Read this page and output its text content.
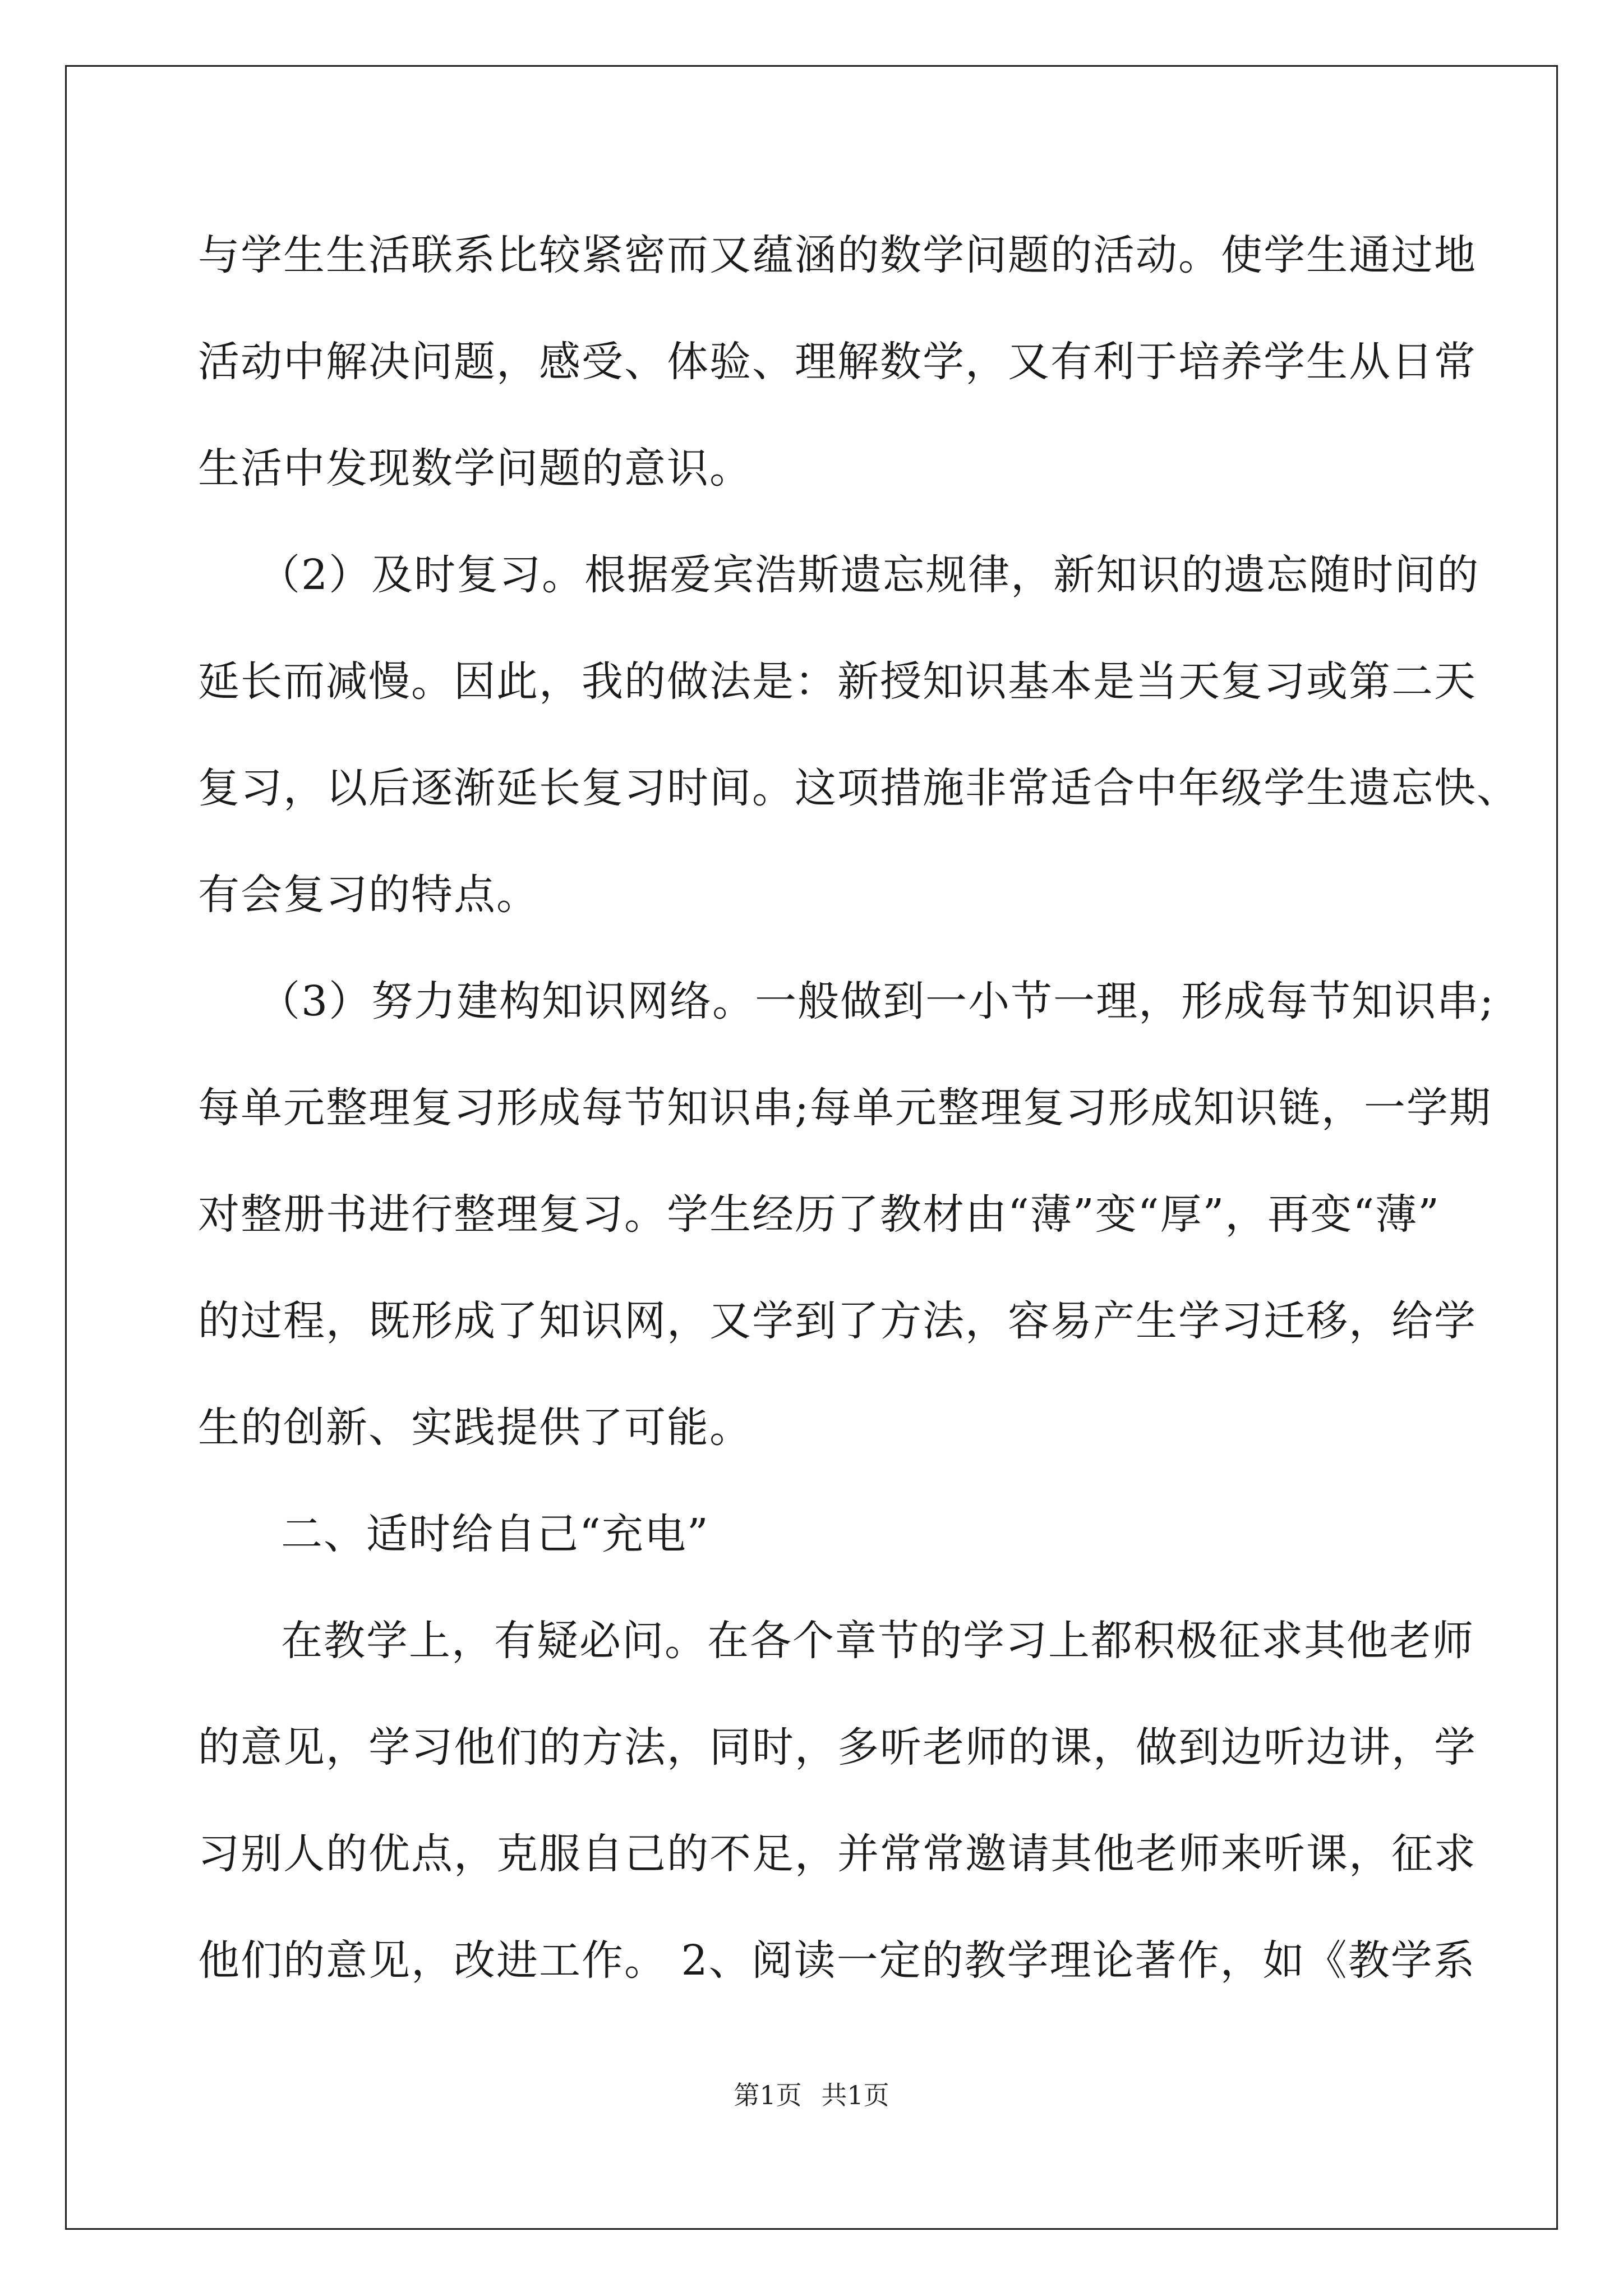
与学生生活联系比较紧密而又蕴涵的数学问题的活动。使学生通过地
活动中解决问题，感受、体验、理解数学，又有利于培养学生从日常
生活中发现数学问题的意识。
（2）及时复习。根据爱宾浩斯遗忘规律，新知识的遗忘随时间的
延长而减慢。因此，我的做法是：新授知识基本是当天复习或第二天
复习，以后逐渐延长复习时间。这项措施非常适合中年级学生遗忘快、
有会复习的特点。
（3）努力建构知识网络。一般做到一小节一理，形成每节知识串;
每单元整理复习形成每节知识串;每单元整理复习形成知识链，一学期
对整册书进行整理复习。学生经历了教材由“薄”变“厚”，再变“薄”
的过程，既形成了知识网，又学到了方法，容易产生学习迁移，给学
生的创新、实践提供了可能。
二、适时给自己“充电”
在教学上，有疑必问。在各个章节的学习上都积极征求其他老师
的意见，学习他们的方法，同时，多听老师的课，做到边听边讲，学
习别人的优点，克服自己的不足，并常常邀请其他老师来听课，征求
他们的意见，改进工作。 2、阅读一定的教学理论著作，如《教学系
第1页 共1页
